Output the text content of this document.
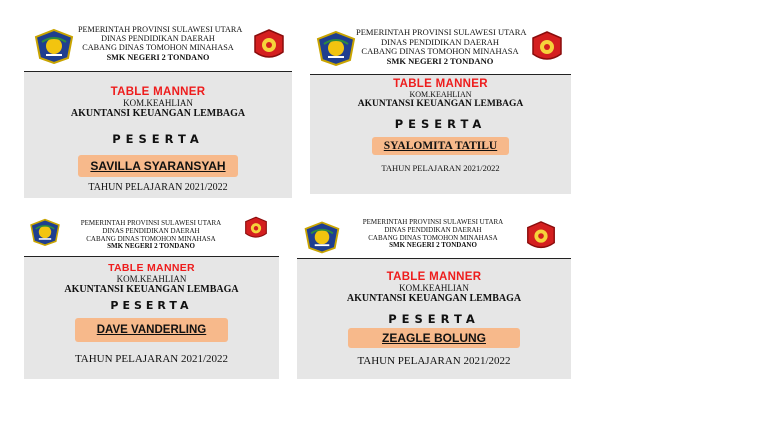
PEMERINTAH PROVINSI SULAWESI UTARA
DINAS PENDIDIKAN DAERAH
CABANG DINAS TOMOHON MINAHASA
SMK NEGERI 2 TONDANO
TABLE MANNER
KOM.KEAHLIAN
AKUNTANSI KEUANGAN LEMBAGA
PESERTA
SAVILLA SYARANSYAH
TAHUN PELAJARAN 2021/2022
PEMERINTAH PROVINSI SULAWESI UTARA
DINAS PENDIDIKAN DAERAH
CABANG DINAS TOMOHON MINAHASA
SMK NEGERI 2 TONDANO
TABLE MANNER
KOM.KEAHLIAN
AKUNTANSI KEUANGAN LEMBAGA
PESERTA
SYALOMITA TATILU
TAHUN PELAJARAN 2021/2022
PEMERINTAH PROVINSI SULAWESI UTARA
DINAS PENDIDIKAN DAERAH
CABANG DINAS TOMOHON MINAHASA
SMK NEGERI 2 TONDANO
TABLE MANNER
KOM.KEAHLIAN
AKUNTANSI KEUANGAN LEMBAGA
PESERTA
DAVE VANDERLING
TAHUN PELAJARAN 2021/2022
PEMERINTAH PROVINSI SULAWESI UTARA
DINAS PENDIDIKAN DAERAH
CABANG DINAS TOMOHON MINAHASA
SMK NEGERI 2 TONDANO
TABLE MANNER
KOM.KEAHLIAN
AKUNTANSI KEUANGAN LEMBAGA
PESERTA
ZEAGLE BOLUNG
TAHUN PELAJARAN 2021/2022
